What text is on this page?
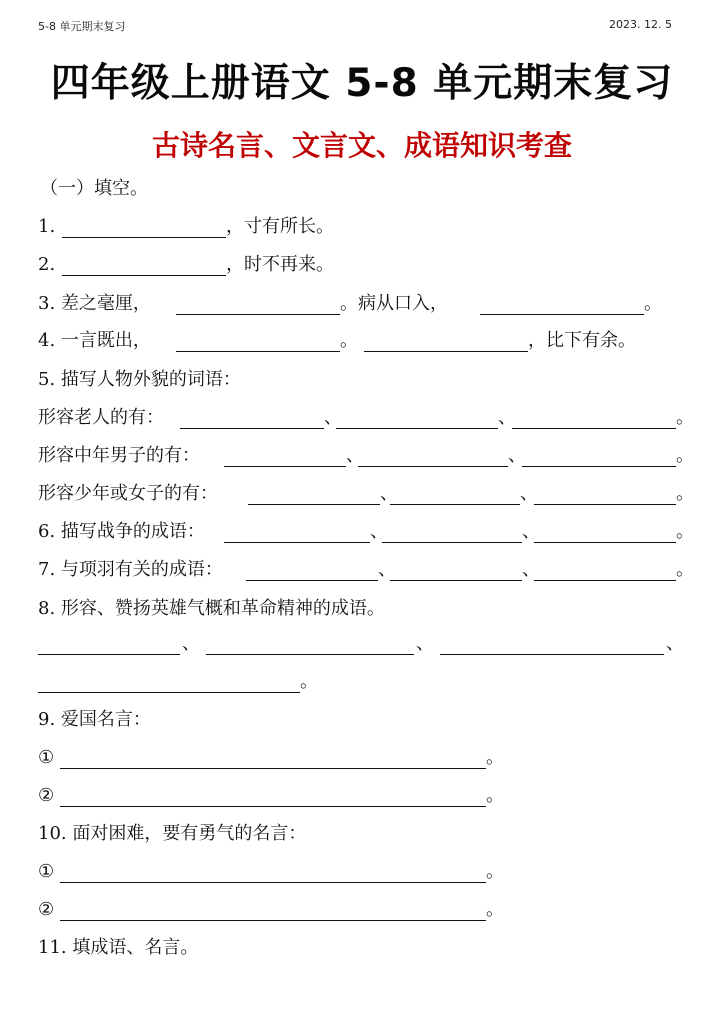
5-8 单元期末复习	2023. 12. 5
四年级上册语文 5-8 单元期末复习
古诗名言、文言文、成语知识考查
（一）填空。
1.	，寸有所长。
2.	，时不再来。
3. 差之毫厘，	。病从口入，	。
4. 一言既出，	。	，比下有余。
5. 描写人物外貌的词语：
形容老人的有：	、	、	。
形容中年男子的有：	、	、	。
形容少年或女子的有：	、	、	。
6. 描写战争的成语：	、	、	。
7. 与项羽有关的成语：	、	、	。
8. 形容、赞扬英雄气概和革命精神的成语。
、	、	、
。
9. 爱国名言：
①	。
②	。
10. 面对困难，要有勇气的名言：
①	。
②	。
11. 填成语、名言。
